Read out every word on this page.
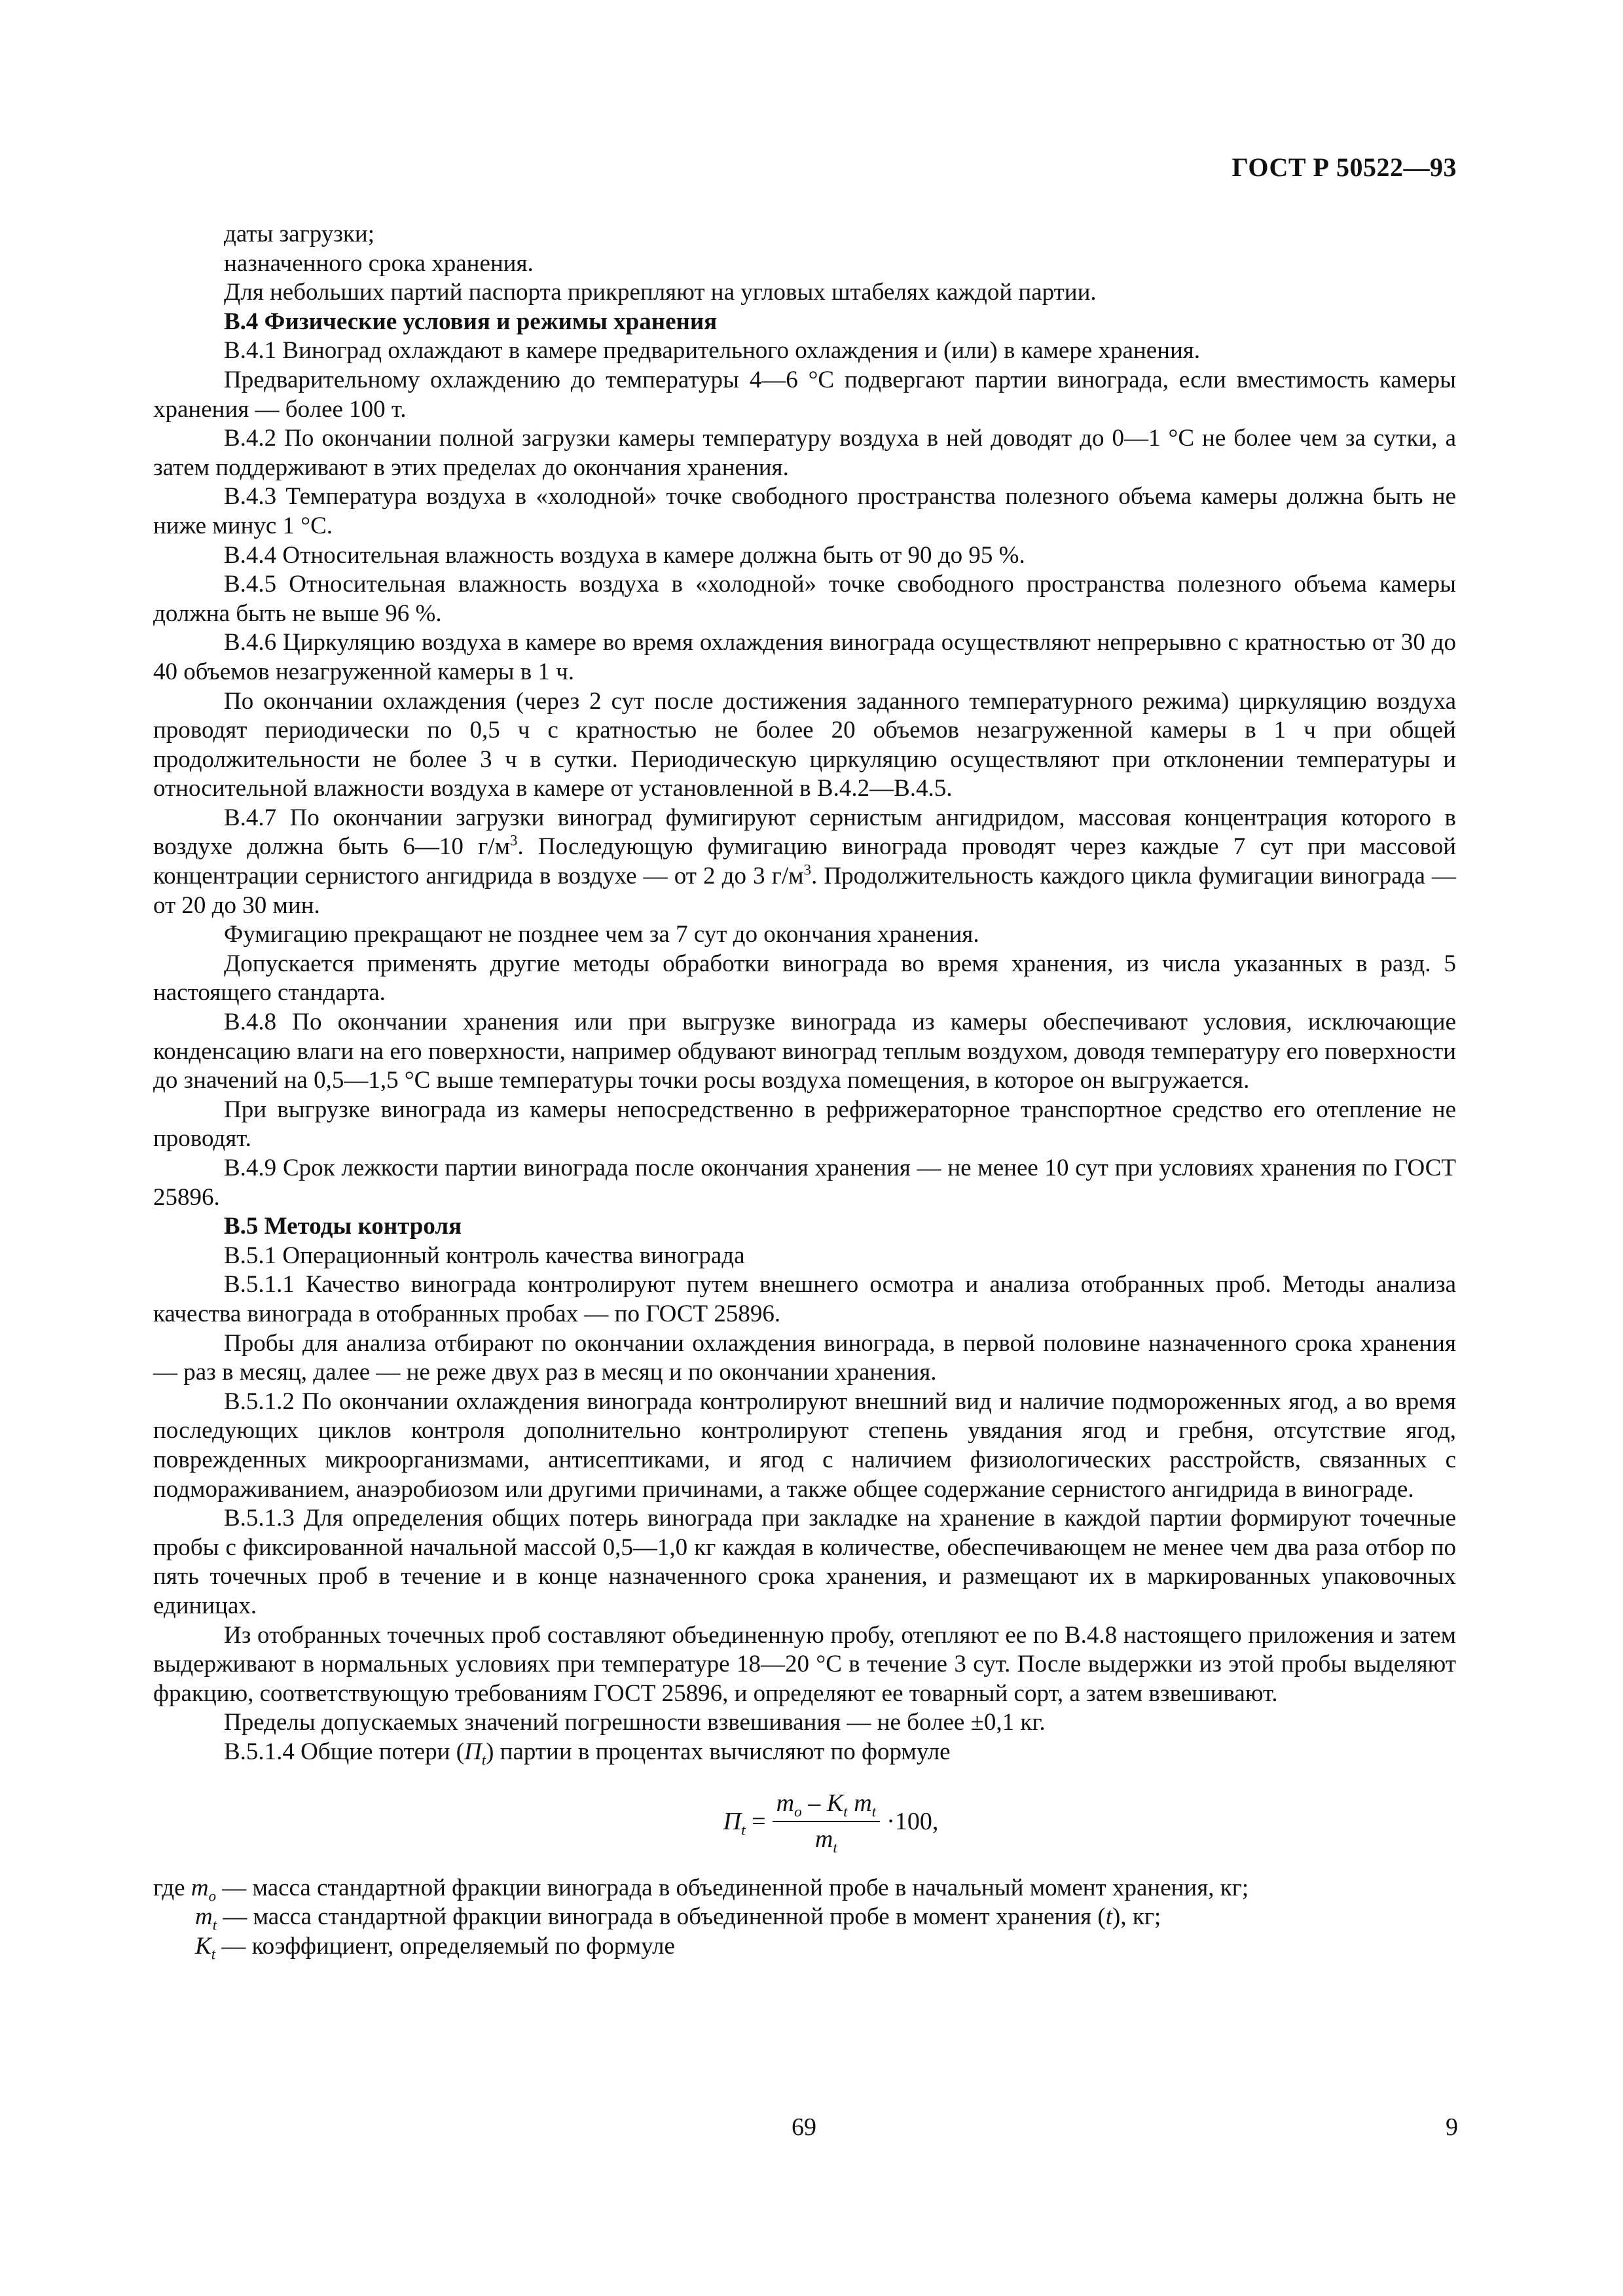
ГОСТ Р 50522—93

даты загрузки;

назначенного срока хранения.

Для небольших партий паспорта прикрепляют на угловых штабелях каждой партии.

В.4 Физические условия и режимы хранения

В.4.1 Виноград охлаждают в камере предварительного охлаждения и (или) в камере хранения.

Предварительному охлаждению до температуры 4—6 °С подвергают партии винограда, если вместимость камеры хранения — более 100 т.

В.4.2 По окончании полной загрузки камеры температуру воздуха в ней доводят до 0—1 °С не более чем за сутки, а затем поддерживают в этих пределах до окончания хранения.

В.4.3 Температура воздуха в «холодной» точке свободного пространства полезного объема камеры должна быть не ниже минус 1 °С.

В.4.4 Относительная влажность воздуха в камере должна быть от 90 до 95 %.

В.4.5 Относительная влажность воздуха в «холодной» точке свободного пространства полезного объема камеры должна быть не выше 96 %.

В.4.6 Циркуляцию воздуха в камере во время охлаждения винограда осуществляют непрерывно с кратностью от 30 до 40 объемов незагруженной камеры в 1 ч.

По окончании охлаждения (через 2 сут после достижения заданного температурного режима) циркуляцию воздуха проводят периодически по 0,5 ч с кратностью не более 20 объемов незагруженной камеры в 1 ч при общей продолжительности не более 3 ч в сутки. Периодическую циркуляцию осуществляют при отклонении температуры и относительной влажности воздуха в камере от установленной в В.4.2—В.4.5.

В.4.7 По окончании загрузки виноград фумигируют сернистым ангидридом, массовая концентрация которого в воздухе должна быть 6—10 $г/м^3$. Последующую фумигацию винограда проводят через каждые 7 сут при массовой концентрации сернистого ангидрида в воздухе — от 2 до 3 $г/м^3$. Продолжительность каждого цикла фумигации винограда — от 20 до 30 мин.

Фумигацию прекращают не позднее чем за 7 сут до окончания хранения.

Допускается применять другие методы обработки винограда во время хранения, из числа указанных в разд. 5 настоящего стандарта.

В.4.8 По окончании хранения или при выгрузке винограда из камеры обеспечивают условия, исключающие конденсацию влаги на его поверхности, например обдувают виноград теплым воздухом, доводя температуру его поверхности до значений на 0,5—1,5 °С выше температуры точки росы воздуха помещения, в которое он выгружается.

При выгрузке винограда из камеры непосредственно в рефрижераторное транспортное средство его отепление не проводят.

В.4.9 Срок лежкости партии винограда после окончания хранения — не менее 10 сут при условиях хранения по ГОСТ 25896.

В.5 Методы контроля

В.5.1 Операционный контроль качества винограда

В.5.1.1 Качество винограда контролируют путем внешнего осмотра и анализа отобранных проб. Методы анализа качества винограда в отобранных пробах — по ГОСТ 25896.

Пробы для анализа отбирают по окончании охлаждения винограда, в первой половине назначенного срока хранения — раз в месяц, далее — не реже двух раз в месяц и по окончании хранения.

В.5.1.2 По окончании охлаждения винограда контролируют внешний вид и наличие подмороженных ягод, а во время последующих циклов контроля дополнительно контролируют степень увядания ягод и гребня, отсутствие ягод, поврежденных микроорганизмами, антисептиками, и ягод с наличием физиологических расстройств, связанных с подмораживанием, анаэробиозом или другими причинами, а также общее содержание сернистого ангидрида в винограде.

В.5.1.3 Для определения общих потерь винограда при закладке на хранение в каждой партии формируют точечные пробы с фиксированной начальной массой 0,5—1,0 кг каждая в количестве, обеспечивающем не менее чем два раза отбор по пять точечных проб в течение и в конце назначенного срока хранения, и размещают их в маркированных упаковочных единицах.

Из отобранных точечных проб составляют объединенную пробу, отепляют ее по В.4.8 настоящего приложения и затем выдерживают в нормальных условиях при температуре 18—20 °С в течение 3 сут. После выдержки из этой пробы выделяют фракцию, соответствующую требованиям ГОСТ 25896, и определяют ее товарный сорт, а затем взвешивают.

Пределы допускаемых значений погрешности взвешивания — не более ±0,1 кг.

В.5.1.4 Общие потери $(П_t)$ партии в процентах вычисляют по формуле

$П_t = \frac{m_o - K_t m_t}{m_t} \cdot 100$,

где $m_o$ — масса стандартной фракции винограда в объединенной пробе в начальный момент хранения, кг;

$m_t$ — масса стандартной фракции винограда в объединенной пробе в момент хранения (t), кг;

$K_t$ — коэффициент, определяемый по формуле

69	9
